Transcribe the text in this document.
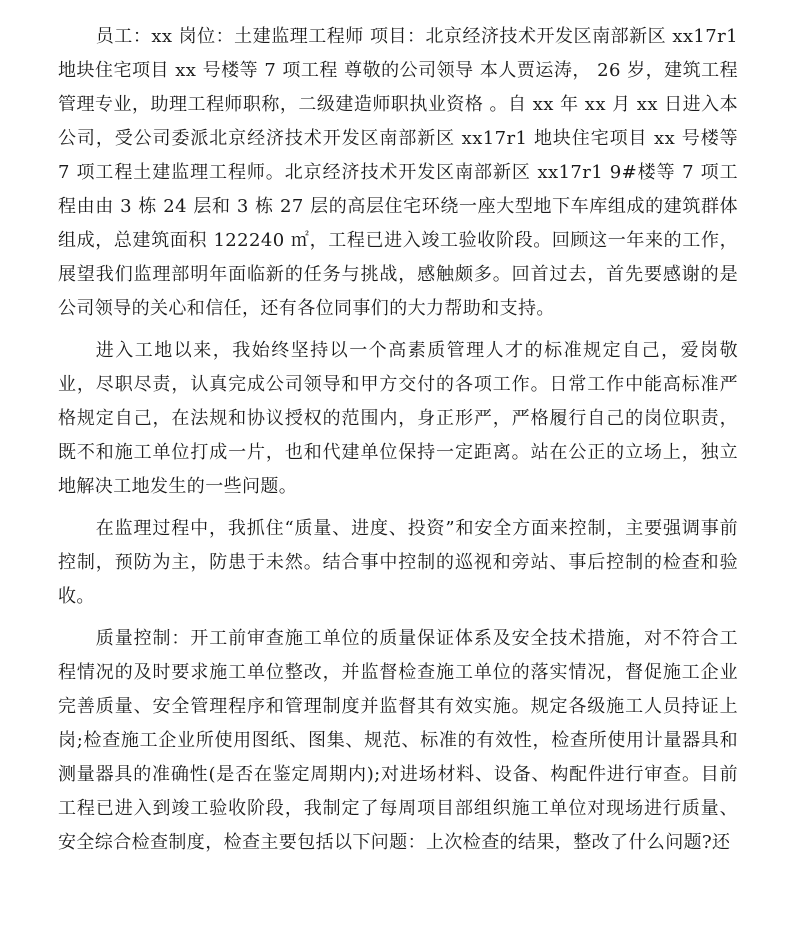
员工：xx 岗位：土建监理工程师 项目：北京经济技术开发区南部新区 xx17r1 地块住宅项目 xx 号楼等 7 项工程 尊敬的公司领导 本人贾运涛， 26 岁，建筑工程管理专业，助理工程师职称，二级建造师职执业资格 。自 xx 年 xx 月 xx 日进入本公司，受公司委派北京经济技术开发区南部新区 xx17r1 地块住宅项目 xx 号楼等 7 项工程土建监理工程师。北京经济技术开发区南部新区 xx17r1 9#楼等 7 项工程由由 3 栋 24 层和 3 栋 27 层的高层住宅环绕一座大型地下车库组成的建筑群体组成，总建筑面积 122240 ㎡，工程已进入竣工验收阶段。回顾这一年来的工作，展望我们监理部明年面临新的任务与挑战，感触颇多。回首过去，首先要感谢的是公司领导的关心和信任，还有各位同事们的大力帮助和支持。

进入工地以来，我始终坚持以一个高素质管理人才的标准规定自己，爱岗敬业，尽职尽责，认真完成公司领导和甲方交付的各项工作。日常工作中能高标准严格规定自己，在法规和协议授权的范围内，身正形严，严格履行自己的岗位职责，既不和施工单位打成一片，也和代建单位保持一定距离。站在公正的立场上，独立地解决工地发生的一些问题。

在监理过程中，我抓住“质量、进度、投资”和安全方面来控制，主要强调事前控制，预防为主，防患于未然。结合事中控制的巡视和旁站、事后控制的检查和验收。

质量控制：开工前审查施工单位的质量保证体系及安全技术措施，对不符合工程情况的及时要求施工单位整改，并监督检查施工单位的落实情况，督促施工企业完善质量、安全管理程序和管理制度并监督其有效实施。规定各级施工人员持证上岗;检查施工企业所使用图纸、图集、规范、标准的有效性，检查所使用计量器具和测量器具的准确性(是否在鉴定周期内);对进场材料、设备、构配件进行审查。目前工程已进入到竣工验收阶段，我制定了每周项目部组织施工单位对现场进行质量、安全综合检查制度，检查主要包括以下问题：上次检查的结果，整改了什么问题?还
